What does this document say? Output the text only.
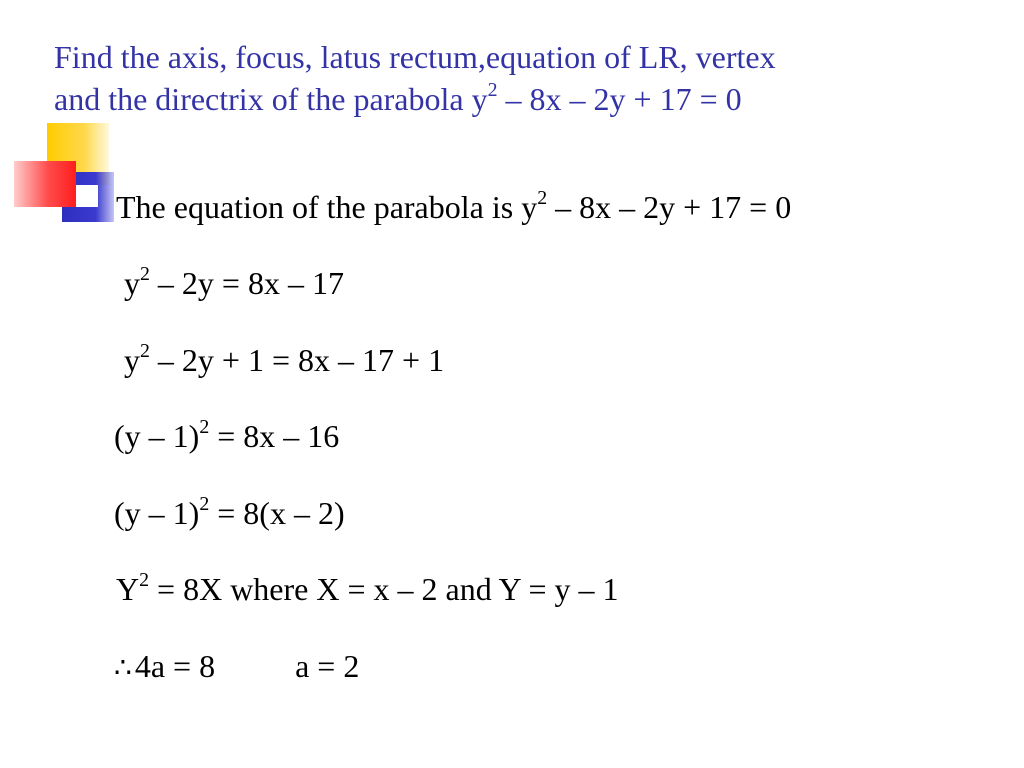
Find the axis, focus, latus rectum,equation of LR, vertex
and the directrix of the parabola $y^2 - 8x - 2y + 17 = 0$
The equation of the parabola is $y^2 - 8x - 2y + 17 = 0$
$y^2 - 2y = 8x - 17$
$y^2 - 2y + 1 = 8x - 17 + 1$
(y – 1)$^2$ = 8x – 16
(y – 1)$^2$ = 8(x – 2)
$Y^2 = 8X$ where X = x – 2 and Y = y – 1
∴4a = 8	a = 2
